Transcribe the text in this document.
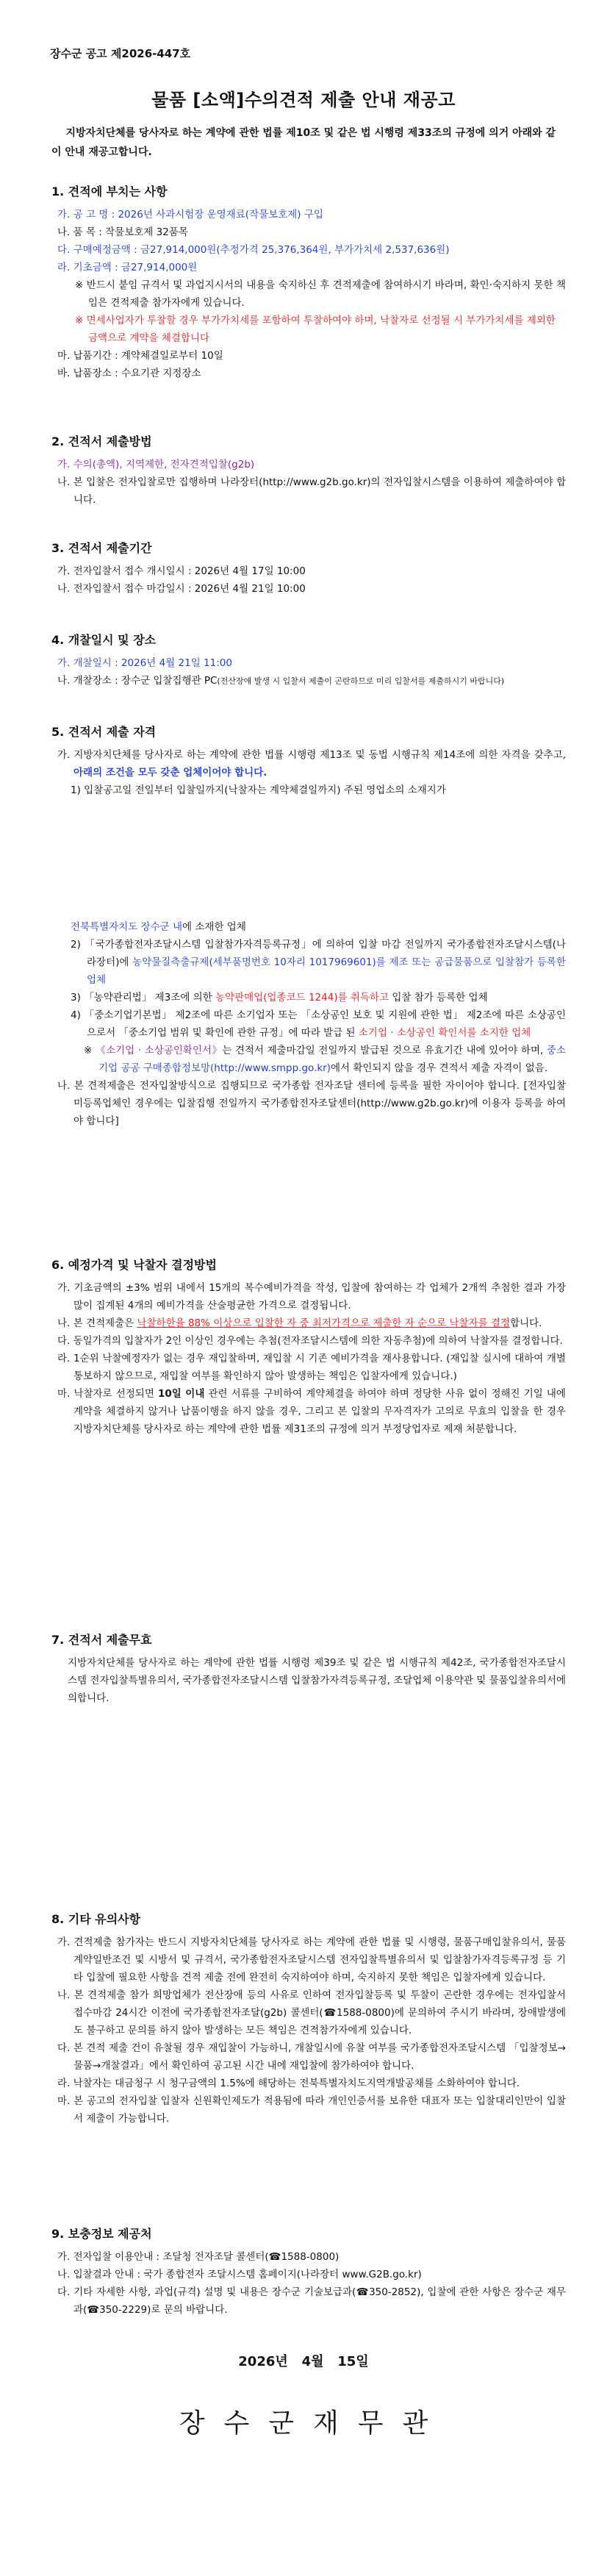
장수군 공고 제2026-447호
물품 [소액]수의견적 제출 안내 재공고
지방자치단체를 당사자로 하는 계약에 관한 법률 제10조 및 같은 법 시행령 제33조의 규정에 의거 아래와 같이 안내 재공고합니다.
1. 견적에 부치는 사항
가. 공 고 명 : 2026년 사과시험장 운영재료(작물보호제) 구입
나. 품 목 : 작물보호제 32품목
다. 구매예정금액 : 금27,914,000원(추정가격 25,376,364원, 부가가치세 2,537,636원)
라. 기초금액 : 금27,914,000원
※ 반드시 붙임 규격서 및 과업지시서의 내용을 숙지하신 후 견적제출에 참여하시기 바라며, 확인·숙지하지 못한 책임은 견적제출 참가자에게 있습니다.
※ 면세사업자가 투찰할 경우 부가가치세를 포함하여 투찰하여야 하며, 낙찰자로 선정될 시 부가가치세를 제외한 금액으로 계약을 체결합니다
마. 납품기간 : 계약체결일로부터 10일
바. 납품장소 : 수요기관 지정장소
2. 견적서 제출방법
가. 수의(총액), 지역제한, 전자견적입찰(g2b)
나. 본 입찰은 전자입찰로만 집행하며 나라장터(http://www.g2b.go.kr)의 전자입찰시스템을 이용하여 제출하여야 합니다.
3. 견적서 제출기간
가. 전자입찰서 접수 개시일시 : 2026년 4월 17일 10:00
나. 전자입찰서 접수 마감일시 : 2026년 4월 21일 10:00
4. 개찰일시 및 장소
가. 개찰일시 : 2026년 4월 21일 11:00
나. 개찰장소 : 장수군 입찰집행관 PC(전산장애 발생 시 입찰서 제출이 곤란하므로 미리 입찰서를 제출하시기 바랍니다)
5. 견적서 제출 자격
가. 지방자치단체를 당사자로 하는 계약에 관한 법률 시행령 제13조 및 동법 시행규칙 제14조에 의한 자격을 갖추고, 아래의 조건을 모두 갖춘 업체이어야 합니다.
1) 입찰공고일 전일부터 입찰일까지(낙찰자는 계약체결일까지) 주된 영업소의 소재지가
전북특별자치도 장수군 내에 소재한 업체
2) 「국가종합전자조달시스템 입찰참가자격등록규정」에 의하여 입찰 마감 전일까지 국가종합전자조달시스템(나라장터)에 농약물질측출규제(세부품명번호 10자리 1017969601)를 제조 또는 공급물품으로 입찰참가 등록한 업체
3) 「농약관리법」 제3조에 의한 농약판매업(업종코드 1244)를 취득하고 입찰 참가 등록한 업체
4) 「중소기업기본법」 제2조에 따른 소기업자 또는 「소상공인 보호 및 지원에 관한 법」 제2조에 따른 소상공인으로서 「중소기업 범위 및 확인에 관한 규정」에 따라 발급 된 소기업 · 소상공인 확인서를 소지한 업체
※ 《소기업 · 소상공인확인서》는 견적서 제출마감일 전일까지 발급된 것으로 유효기간 내에 있어야 하며, 중소기업 공공 구매종합정보망(http://www.smpp.go.kr)에서 확인되지 않을 경우 견적서 제출 자격이 없음.
나. 본 견적제출은 전자입찰방식으로 집행되므로 국가종합 전자조달 센터에 등록을 필한 자이어야 합니다. [전자입찰 미등록업체인 경우에는 입찰집행 전일까지 국가종합전자조달센터(http://www.g2b.go.kr)에 이용자 등록을 하여야 합니다]
6. 예정가격 및 낙찰자 결정방법
가. 기초금액의 ±3% 범위 내에서 15개의 복수예비가격을 작성, 입찰에 참여하는 각 업체가 2개씩 추첨한 결과 가장 많이 집계된 4개의 예비가격을 산술평균한 가격으로 결정됩니다.
나. 본 견적제출은 낙찰하한율 88% 이상으로 입찰한 자 중 최저가격으로 제출한 자 순으로 낙찰자를 결정합니다.
다. 동일가격의 입찰자가 2인 이상인 경우에는 추첨(전자조달시스템에 의한 자동추첨)에 의하여 낙찰자를 결정합니다.
라. 1순위 낙찰예정자가 없는 경우 재입찰하며, 재입찰 시 기존 예비가격을 재사용합니다. (재입찰 실시에 대하여 개별통보하지 않으므로, 재입찰 여부를 확인하지 않아 발생하는 책임은 입찰자에게 있습니다.)
마. 낙찰자로 선정되면 10일 이내 관련 서류를 구비하여 계약체결을 하여야 하며 정당한 사유 없이 정해진 기일 내에 계약을 체결하지 않거나 납품이행을 하지 않을 경우, 그리고 본 입찰의 무자격자가 고의로 무효의 입찰을 한 경우 지방자치단체를 당사자로 하는 계약에 관한 법률 제31조의 규정에 의거 부정당업자로 제재 처분합니다.
7. 견적서 제출무효
지방자치단체를 당사자로 하는 계약에 관한 법률 시행령 제39조 및 같은 법 시행규칙 제42조, 국가종합전자조달시스템 전자입찰특별유의서, 국가종합전자조달시스템 입찰참가자격등록규정, 조달업체 이용약관 및 물품입찰유의서에 의합니다.
8. 기타 유의사항
가. 견적제출 참가자는 반드시 지방자치단체를 당사자로 하는 계약에 관한 법률 및 시행령, 물품구매입찰유의서, 물품계약일반조건 및 시방서 및 규격서, 국가종합전자조달시스템 전자입찰특별유의서 및 입찰참가자격등록규정 등 기타 입찰에 필요한 사항을 견적 제출 전에 완전히 숙지하여야 하며, 숙지하지 못한 책임은 입찰자에게 있습니다.
나. 본 견적제출 참가 희망업체가 전산장애 등의 사유로 인하여 전자입찰등록 및 투찰이 곤란한 경우에는 전자입찰서 접수마감 24시간 이전에 국가종합전자조달(g2b) 콜센터(☎1588-0800)에 문의하여 주시기 바라며, 장애발생에도 불구하고 문의를 하지 않아 발생하는 모든 책임은 견적참가자에게 있습니다.
다. 본 견적 제출 건이 유찰될 경우 재입찰이 가능하니, 개찰일시에 유찰 여부를 국가종합전자조달시스템 「입찰정보→물품→개찰결과」에서 확인하여 공고된 시간 내에 재입찰에 참가하여야 합니다.
라. 낙찰자는 대금청구 시 청구금액의 1.5%에 해당하는 전북특별자치도지역개발공채를 소화하여야 합니다.
마. 본 공고의 전자입찰 입찰자 신원확인제도가 적용됨에 따라 개인인증서를 보유한 대표자 또는 입찰대리인만이 입찰서 제출이 가능합니다.
9. 보충정보 제공처
가. 전자입찰 이용안내 : 조달청 전자조달 콜센터(☎1588-0800)
나. 입찰결과 안내 : 국가 종합전자 조달시스템 홈페이지(나라장터 www.G2B.go.kr)
다. 기타 자세한 사항, 과업(규격) 설명 및 내용은 장수군 기술보급과(☎350-2852), 입찰에 관한 사항은 장수군 재무과(☎350-2229)로 문의 바랍니다.
2026년   4월   15일
장수군재무관
